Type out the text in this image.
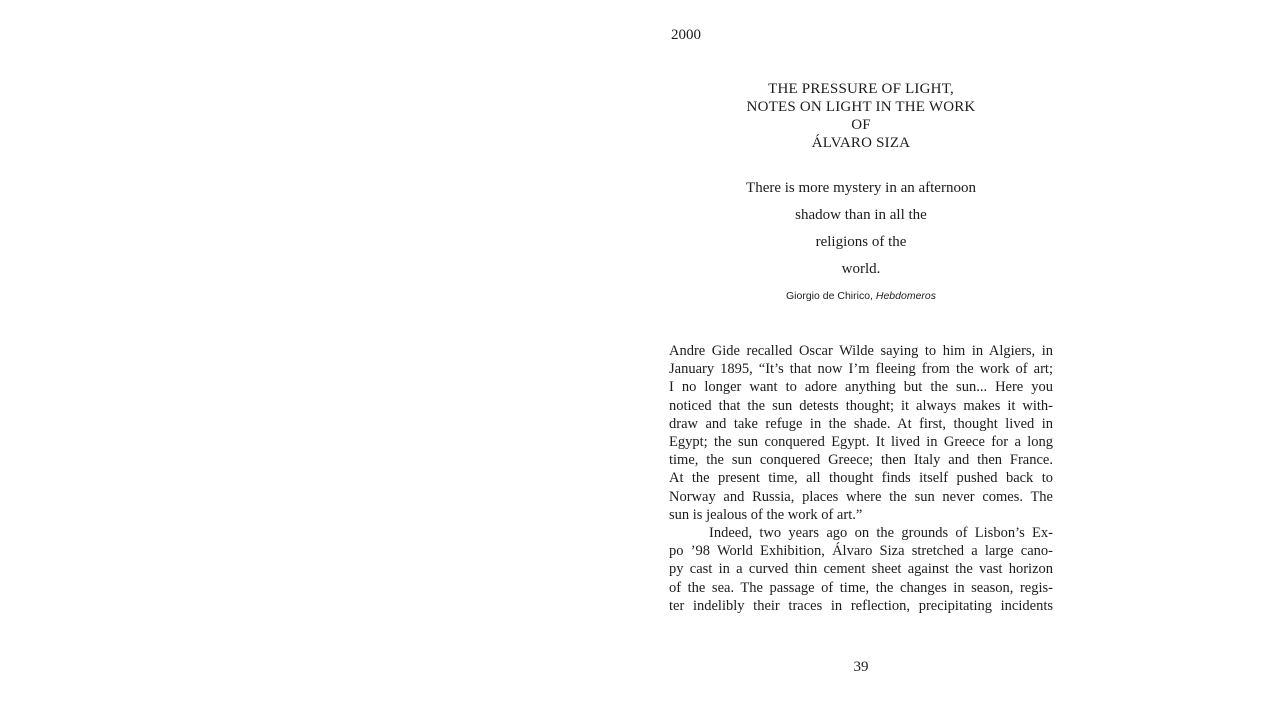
2000
THE PRESSURE OF LIGHT,
NOTES ON LIGHT IN THE WORK
OF
ÁLVARO SIZA
There is more mystery in an afternoon
shadow than in all the
religions of the
world.
Giorgio de Chirico, Hebdomeros
Andre Gide recalled Oscar Wilde saying to him in Algiers, in
January 1895, “It’s that now I’m fleeing from the work of art;
I no longer want to adore anything but the sun... Here you
noticed that the sun detests thought; it always makes it with-
draw and take refuge in the shade. At first, thought lived in
Egypt; the sun conquered Egypt. It lived in Greece for a long
time, the sun conquered Greece; then Italy and then France.
At the present time, all thought finds itself pushed back to
Norway and Russia, places where the sun never comes. The
sun is jealous of the work of art.”
Indeed, two years ago on the grounds of Lisbon’s Ex-
po ’98 World Exhibition, Álvaro Siza stretched a large cano-
py cast in a curved thin cement sheet against the vast horizon
of the sea. The passage of time, the changes in season, regis-
ter indelibly their traces in reflection, precipitating incidents
39
